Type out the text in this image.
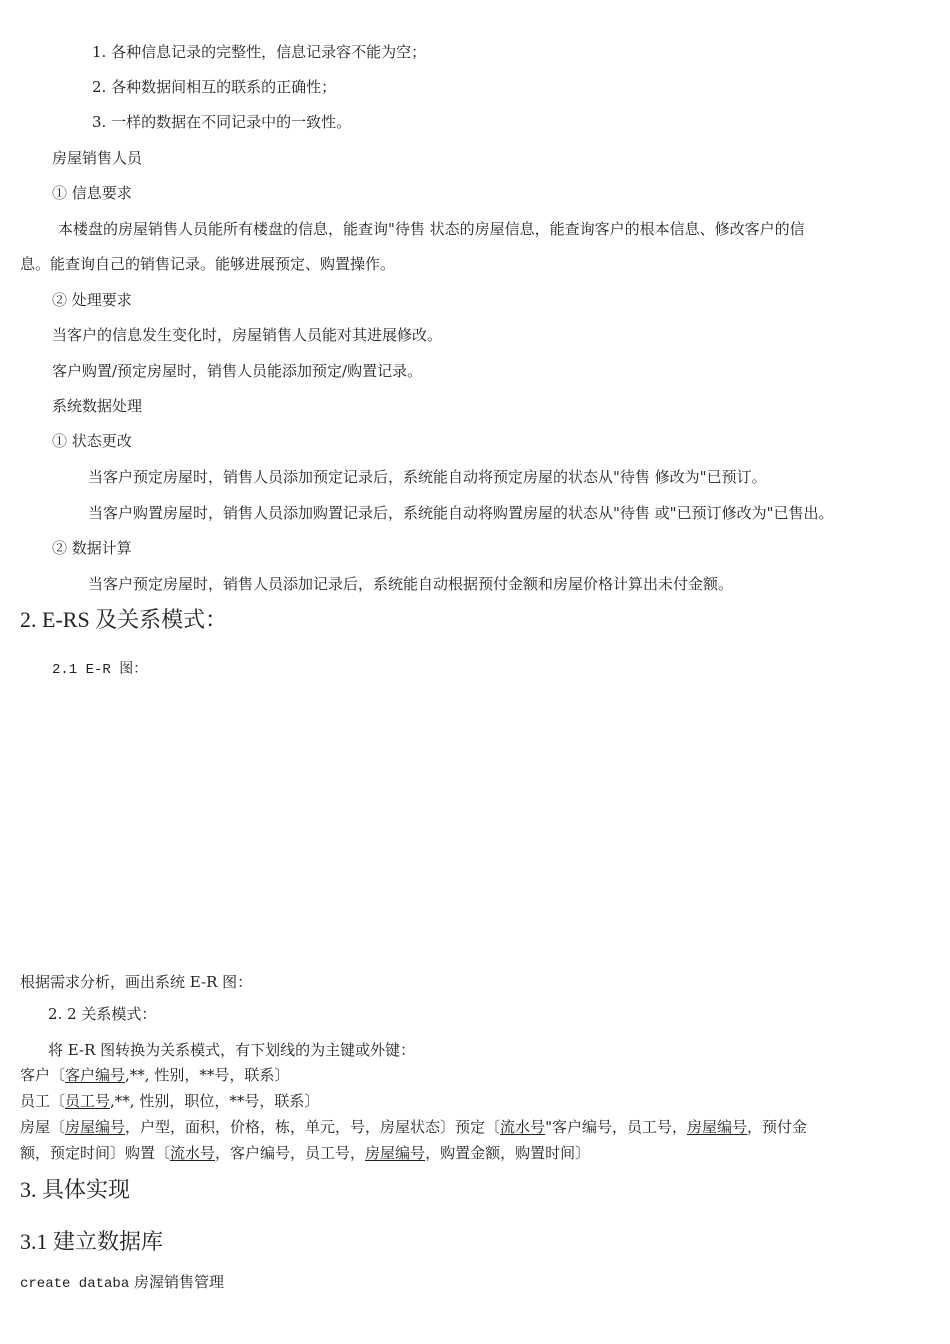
1. 各种信息记录的完整性，信息记录容不能为空；
2. 各种数据间相互的联系的正确性；
3. 一样的数据在不同记录中的一致性。
房屋销售人员
① 信息要求
本楼盘的房屋销售人员能所有楼盘的信息，能查询"待售 状态的房屋信息，能查询客户的根本信息、修改客户的信
息。能查询自己的销售记录。能够进展预定、购置操作。
② 处理要求
当客户的信息发生变化时，房屋销售人员能对其进展修改。
客户购置/预定房屋时，销售人员能添加预定/购置记录。
系统数据处理
① 状态更改
当客户预定房屋时，销售人员添加预定记录后，系统能自动将预定房屋的状态从"待售 修改为"已预订。
当客户购置房屋时，销售人员添加购置记录后，系统能自动将购置房屋的状态从"待售 或"已预订修改为"已售出。
② 数据计算
当客户预定房屋时，销售人员添加记录后，系统能自动根据预付金额和房屋价格计算出未付金额。
2. E-RS 及关系模式：
2.1 E-R 图：
根据需求分析，画出系统 E-R 图：
2. 2 关系模式：
将 E-R 图转换为关系模式，有下划线的为主键或外键：
客户〔客户编号,**, 性别，**号，联系〕
员工〔员工号,**, 性别，职位，**号，联系〕
房屋〔房屋编号，户型，面积，价格，栋，单元，号，房屋状态〕预定〔流水号"客户编号，员工号，房屋编号，预付金
额，预定时间〕购置〔流水号，客户编号，员工号，房屋编号，购置金额，购置时间〕
3. 具体实现
3.1 建立数据库
create databa 房渥销售管理
